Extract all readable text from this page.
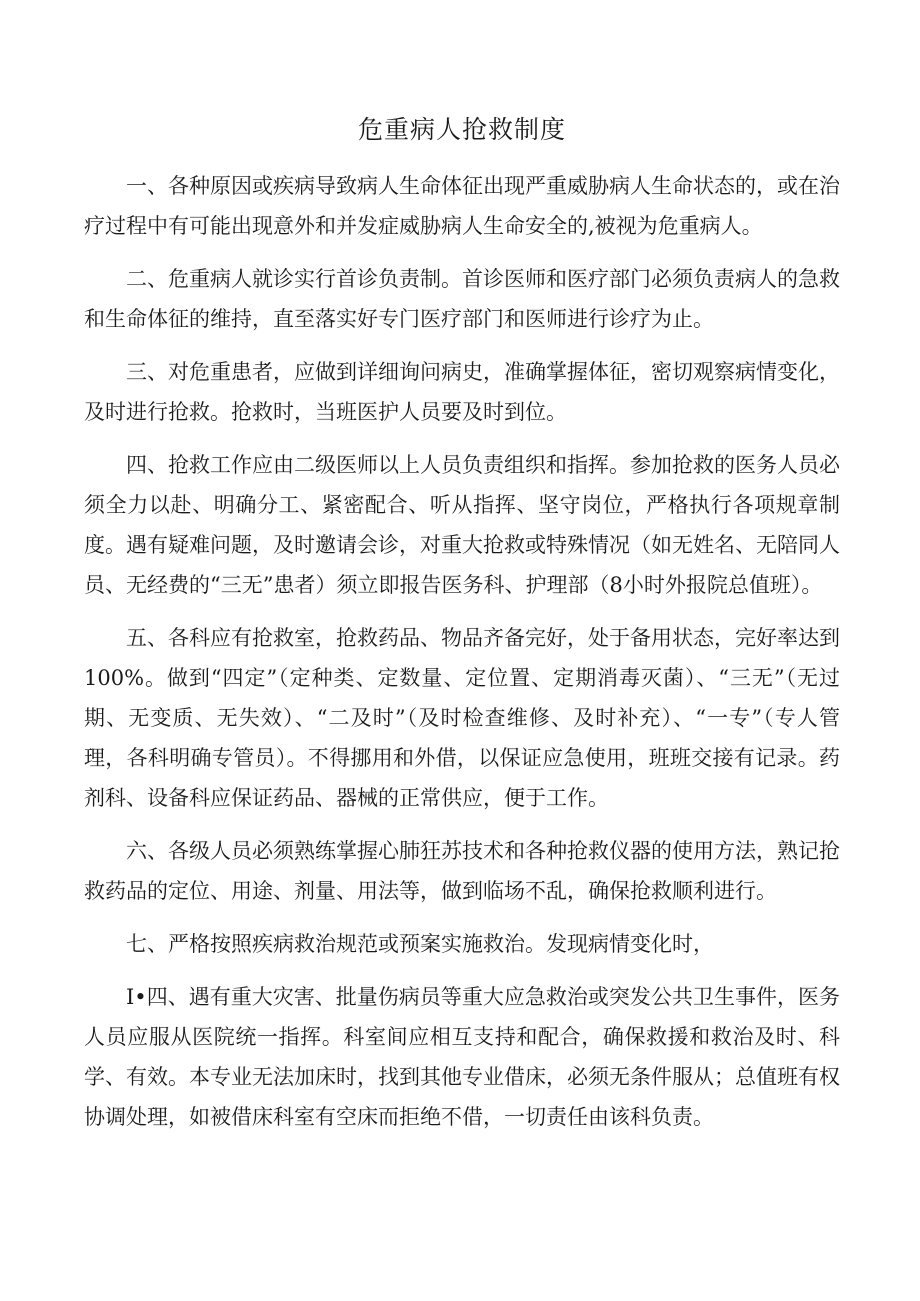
危重病人抢救制度

一、各种原因或疾病导致病人生命体征出现严重威胁病人生命状态的，或在治疗过程中有可能出现意外和并发症威胁病人生命安全的,被视为危重病人。

二、危重病人就诊实行首诊负责制。首诊医师和医疗部门必须负责病人的急救和生命体征的维持，直至落实好专门医疗部门和医师进行诊疗为止。

三、对危重患者，应做到详细询问病史，准确掌握体征，密切观察病情变化，及时进行抢救。抢救时，当班医护人员要及时到位。

四、抢救工作应由二级医师以上人员负责组织和指挥。参加抢救的医务人员必须全力以赴、明确分工、紧密配合、听从指挥、坚守岗位，严格执行各项规章制度。遇有疑难问题，及时邀请会诊，对重大抢救或特殊情况（如无姓名、无陪同人员、无经费的“三无”患者）须立即报告医务科、护理部（8小时外报院总值班）。

五、各科应有抢救室，抢救药品、物品齐备完好，处于备用状态，完好率达到100%。做到“四定”（定种类、定数量、定位置、定期消毒灭菌）、“三无”（无过期、无变质、无失效）、“二及时”（及时检查维修、及时补充）、“一专”（专人管理，各科明确专管员）。不得挪用和外借，以保证应急使用，班班交接有记录。药剂科、设备科应保证药品、器械的正常供应，便于工作。

六、各级人员必须熟练掌握心肺狂苏技术和各种抢救仪器的使用方法，熟记抢救药品的定位、用途、剂量、用法等，做到临场不乱，确保抢救顺利进行。

七、严格按照疾病救治规范或预案实施救治。发现病情变化时，

I•四、遇有重大灾害、批量伤病员等重大应急救治或突发公共卫生事件，医务人员应服从医院统一指挥。科室间应相互支持和配合，确保救援和救治及时、科学、有效。本专业无法加床时，找到其他专业借床，必须无条件服从；总值班有权协调处理，如被借床科室有空床而拒绝不借，一切责任由该科负责。
